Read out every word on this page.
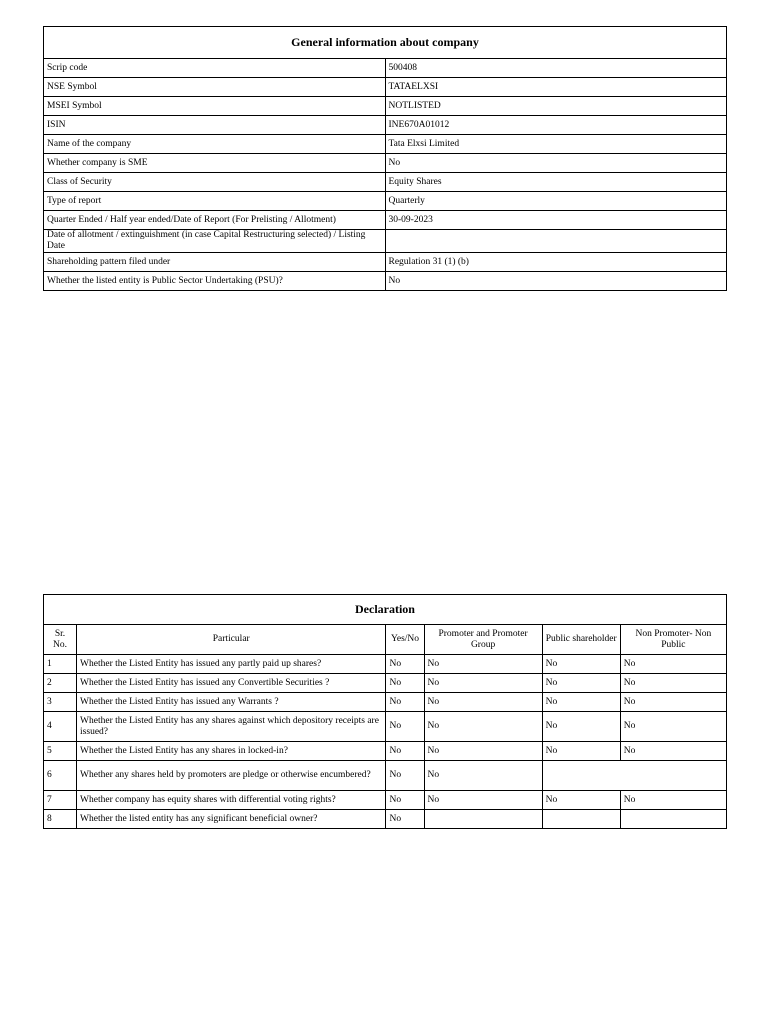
General information about company	
Scrip code	500408
NSE Symbol	TATAELXSI
MSEI Symbol	NOTLISTED
ISIN	INE670A01012
Name of the company	Tata Elxsi Limited
Whether company is SME	No
Class of Security	Equity Shares
Type of report	Quarterly
Quarter Ended / Half year ended/Date of Report (For Prelisting / Allotment)	30-09-2023
Date of allotment / extinguishment (in case Capital Restructuring selected) / Listing Date	
Shareholding pattern filed under	Regulation 31 (1) (b)
Whether the listed entity is Public Sector Undertaking (PSU)?	No
Declaration					
Sr. No.	Particular	Yes/No	Promoter and Promoter Group	Public shareholder	Non Promoter- Non Public
1	Whether the Listed Entity has issued any partly paid up shares?	No	No	No	No
2	Whether the Listed Entity has issued any Convertible Securities ?	No	No	No	No
3	Whether the Listed Entity has issued any Warrants ?	No	No	No	No
4	Whether the Listed Entity has any shares against which depository receipts are issued?	No	No	No	No
5	Whether the Listed Entity has any shares in locked-in?	No	No	No	No
6	Whether any shares held by promoters are pledge or otherwise encumbered?	No	No		
7	Whether company has equity shares with differential voting rights?	No	No	No	No
8	Whether the listed entity has any significant beneficial owner?	No			
